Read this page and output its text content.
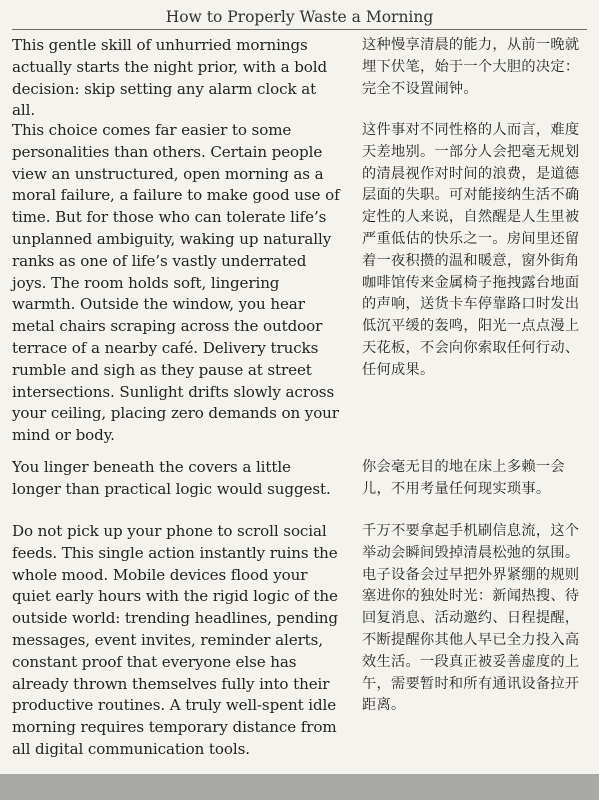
How to Properly Waste a Morning

This gentle skill of unhurried mornings actually starts the night prior, with a bold decision: skip setting any alarm clock at all.

This choice comes far easier to some personalities than others. Certain people view an unstructured, open morning as a moral failure, a failure to make good use of time. But for those who can tolerate life’s unplanned ambiguity, waking up naturally ranks as one of life’s vastly underrated joys. The room holds soft, lingering warmth. Outside the window, you hear metal chairs scraping across the outdoor terrace of a nearby café. Delivery trucks rumble and sigh as they pause at street intersections. Sunlight drifts slowly across your ceiling, placing zero demands on your mind or body.

You linger beneath the covers a little longer than practical logic would suggest.

Do not pick up your phone to scroll social feeds. This single action instantly ruins the whole mood. Mobile devices flood your quiet early hours with the rigid logic of the outside world: trending headlines, pending messages, event invites, reminder alerts, constant proof that everyone else has already thrown themselves fully into their productive routines. A truly well-spent idle morning requires temporary distance from all digital communication tools.

这种慢享清晨的能力，从前一晚就埋下伏笔，始于一个大胆的决定：完全不设置闹钟。

这件事对不同性格的人而言，难度天差地别。一部分人会把毫无规划的清晨视作对时间的浪费，是道德层面的失职。可对能接纳生活不确定性的人来说，自然醒是人生里被严重低估的快乐之一。房间里还留着一夜积攒的温和暖意，窗外街角咖啡馆传来金属椅子拖拽露台地面的声响，送货卡车停靠路口时发出低沉平缓的轰鸣，阳光一点点漫上天花板，不会向你索取任何行动、任何成果。

你会毫无目的地在床上多赖一会儿，不用考量任何现实琐事。

千万不要拿起手机刷信息流，这个举动会瞬间毁掉清晨松弛的氛围。电子设备会过早把外界紧绷的规则塞进你的独处时光：新闻热搜、待回复消息、活动邀约、日程提醒，不断提醒你其他人早已全力投入高效生活。一段真正被妥善虚度的上午，需要暂时和所有通讯设备拉开距离。
